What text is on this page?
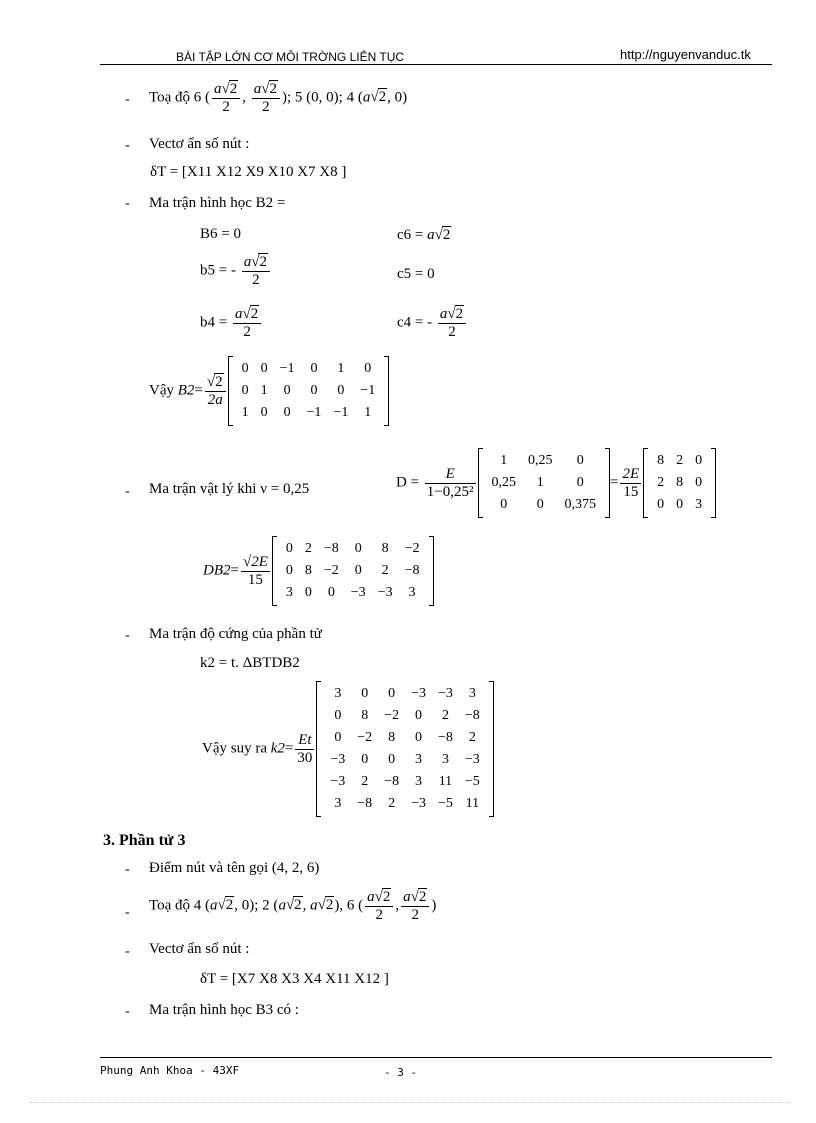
BÀI TẬP LỚN CƠ MÔI TRỜNG LIÊN TỤC	http://nguyenvanduc.tk
- Toạ độ 6 ( $\frac{a√2}{2}$ , $\frac{a√2}{2}$ ); 5 (0, 0); 4 (a√2, 0)
- Vectơ ẩn số nút :
δT = [X11 X12 X9 X10 X7 X8 ]
- Ma trận hình học B2 =
B6 = 0	c6 = a√2
b5 = - $\frac{a√2}{2}$	c5 = 0
$b4 = \frac{a√2}{2}$	c4 = - $\frac{a√2}{2}$
Vậy $B2= \frac{√2}{2a}$
0	0	−1	0	1	0
0	1	0	0	0	−1
1	0	0	−1	−1	1
- Ma trận vật lý khi ν = 0,25	$D = \frac{E}{\text{1−0,25²}}$
1	0,25	0
0,25	1	0
0	0	0,375
= $\frac{2E}{15}$
8	2	0
2	8	0
0	0	3
$DB2= \frac{√2E}{15}$
0	2	−8	0	8	−2
0	8	−2	0	2	−8
3	0	0	−3	−3	3
- Ma trận độ cứng của phần tử
k2 = t. ΔBTDB2
Vậy suy ra $k2= \frac{Et}{30}$
3	0	0	−3	−3	3
0	8	−2	0	2	−8
0	−2	8	0	−8	2
−3	0	0	3	3	−3
−3	2	−8	3	11	−5
3	−8	2	−3	−5	11
3. Phần tử 3
- Điểm nút và tên gọi (4, 2, 6)
- Toạ độ 4 (a√2, 0); 2 (a√2, a√2), 6 ( $\frac{a√2}{2}$ , $\frac{a√2}{2}$ )
- Vectơ ẩn số nút :
δT = [X7 X8 X3 X4 X11 X12 ]
- Ma trận hình học B3 có :
Phung Anh Khoa - 43XF	- 3 -
